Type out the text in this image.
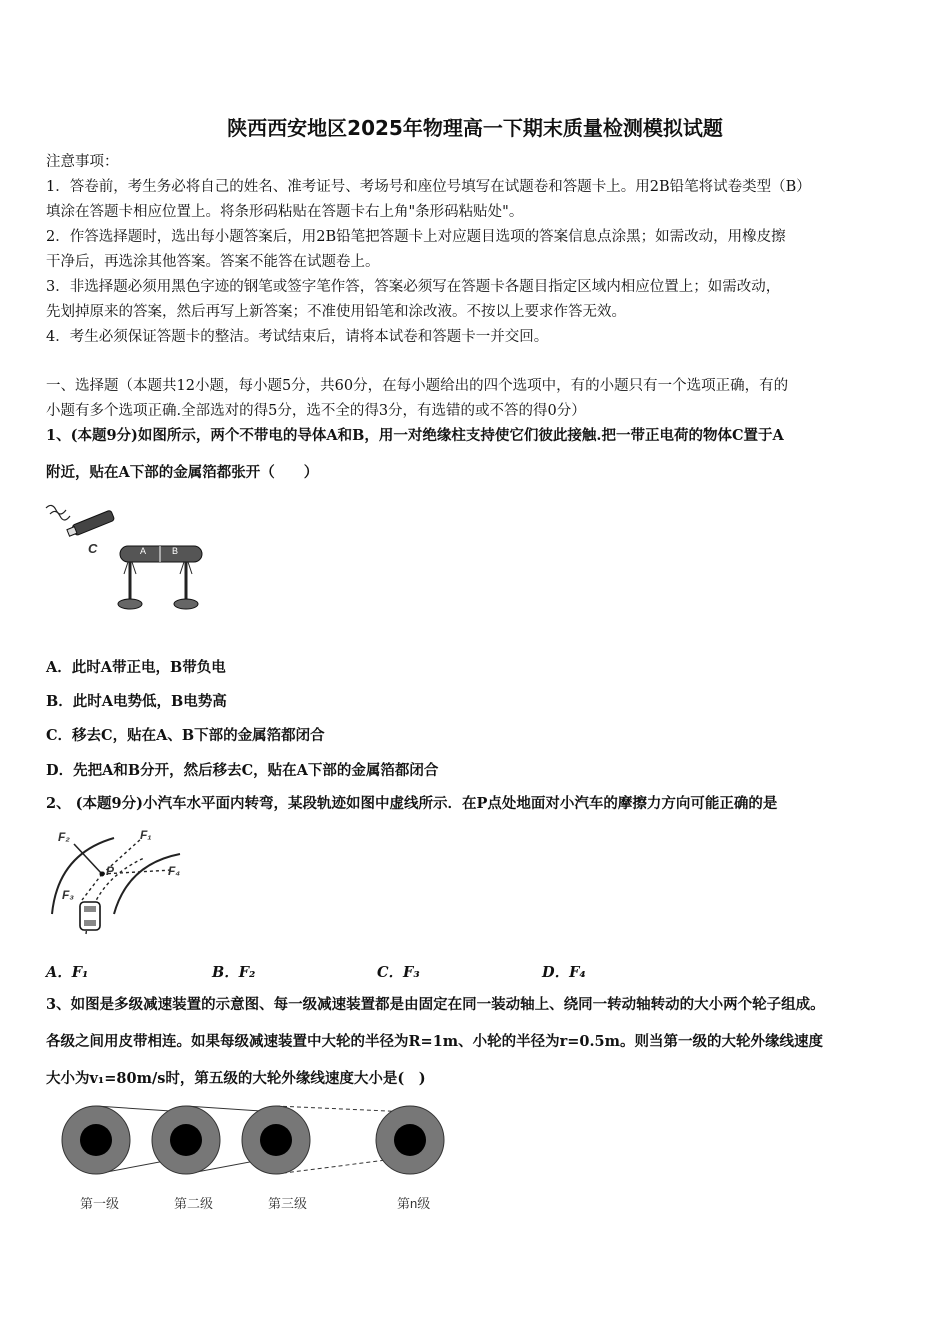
陕西西安地区2025年物理高一下期末质量检测模拟试题
注意事项：
1．答卷前，考生务必将自己的姓名、准考证号、考场号和座位号填写在试题卷和答题卡上。用2B铅笔将试卷类型（B）
填涂在答题卡相应位置上。将条形码粘贴在答题卡右上角"条形码粘贴处"。
2．作答选择题时，选出每小题答案后，用2B铅笔把答题卡上对应题目选项的答案信息点涂黑；如需改动，用橡皮擦
干净后，再选涂其他答案。答案不能答在试题卷上。
3．非选择题必须用黑色字迹的钢笔或签字笔作答，答案必须写在答题卡各题目指定区域内相应位置上；如需改动，
先划掉原来的答案，然后再写上新答案；不准使用铅笔和涂改液。不按以上要求作答无效。
4．考生必须保证答题卡的整洁。考试结束后，请将本试卷和答题卡一并交回。
一、选择题（本题共12小题，每小题5分，共60分，在每小题给出的四个选项中，有的小题只有一个选项正确，有的
小题有多个选项正确.全部选对的得5分，选不全的得3分，有选错的或不答的得0分）
1、(本题9分)如图所示，两个不带电的导体A和B，用一对绝缘柱支持使它们彼此接触.把一带正电荷的物体C置于A
附近，贴在A下部的金属箔都张开（　　）
C	A	B
A．此时A带正电，B带负电
B．此时A电势低，B电势高
C．移去C，贴在A、B下部的金属箔都闭合
D．先把A和B分开，然后移去C，贴在A下部的金属箔都闭合
2、 (本题9分)小汽车水平面内转弯，某段轨迹如图中虚线所示．在P点处地面对小汽车的摩擦力方向可能正确的是
F₂	F₁
F₄
F₃
P
A．F₁	B．F₂	C．F₃	D．F₄
3、如图是多级减速装置的示意图、每一级减速装置都是由固定在同一装动轴上、绕同一转动轴转动的大小两个轮子组成。
各级之间用皮带相连。如果每级减速装置中大轮的半径为R=1m、小轮的半径为r=0.5m。则当第一级的大轮外缘线速度
大小为v₁=80m/s时，第五级的大轮外缘线速度大小是(　)
第一级	第二级	第三级	第n级
